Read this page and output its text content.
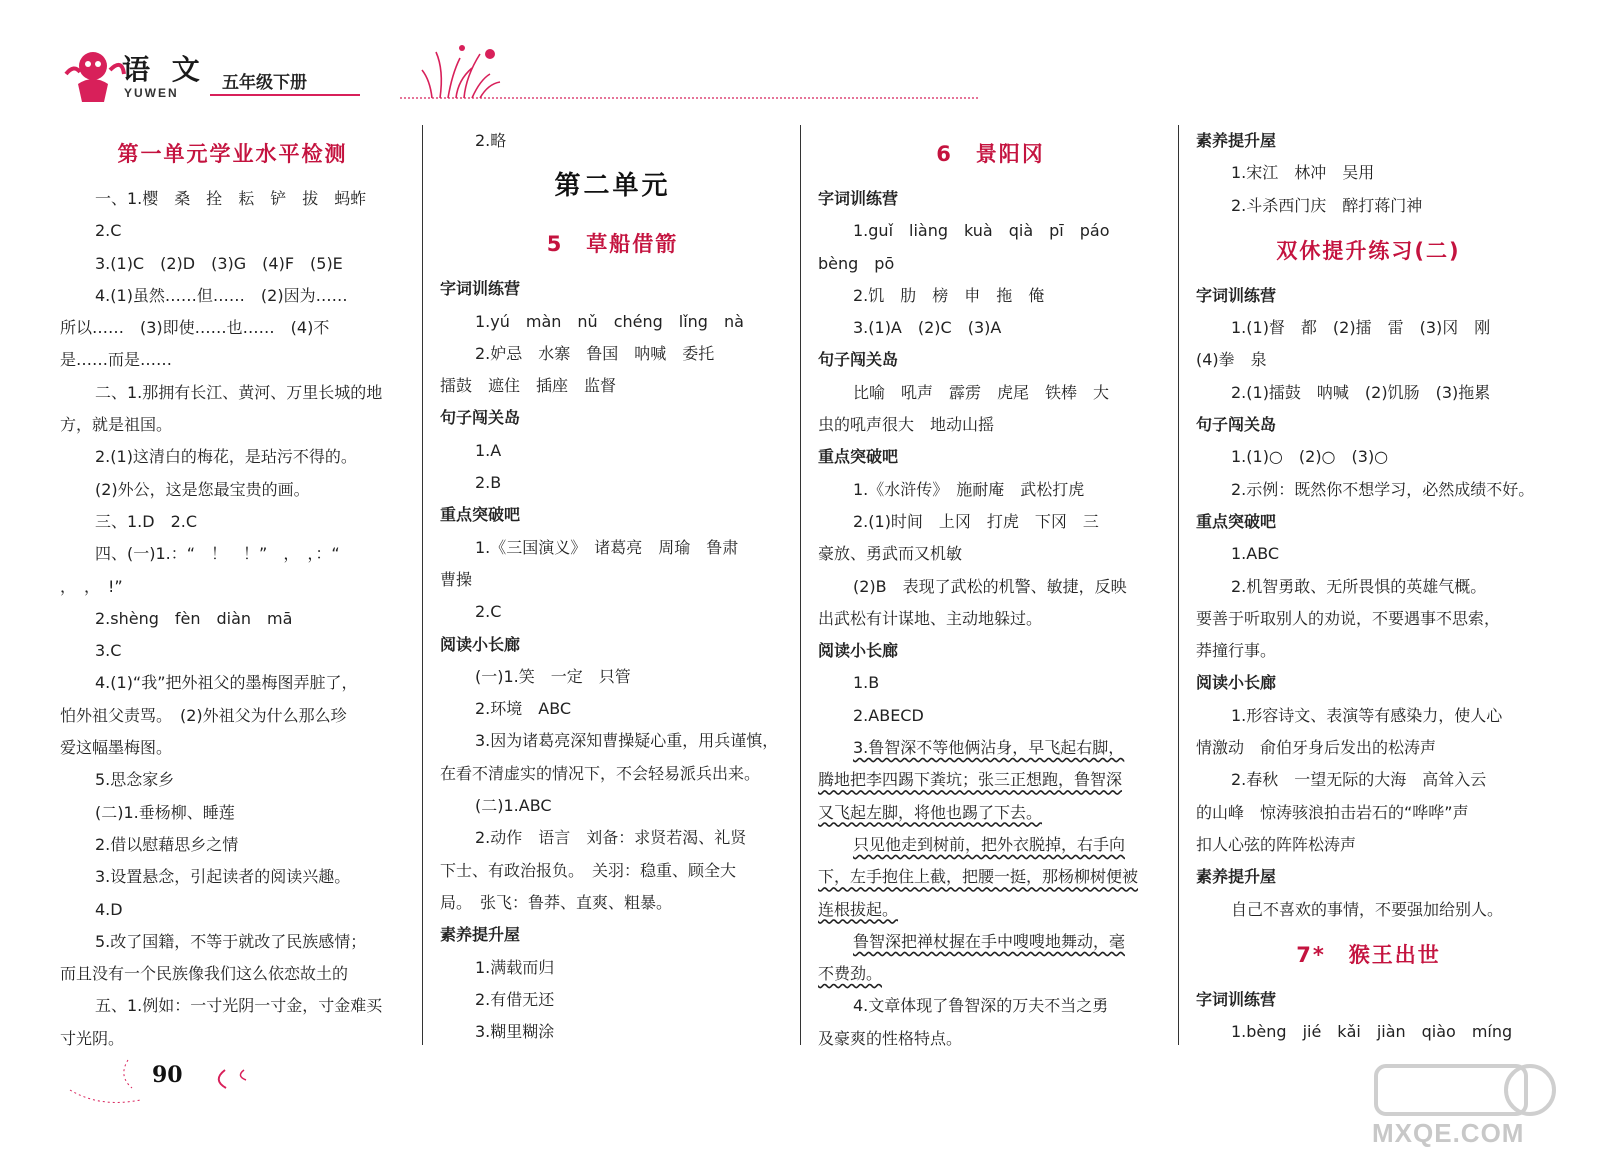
语 文
YUWEN	五年级下册
第一单元学业水平检测
一、1.樱　桑　拴　耘　铲　拔　蚂蚱
2.C
3.(1)C　(2)D　(3)G　(4)F　(5)E
4.(1)虽然……但……　(2)因为……
所以……　(3)即使……也……　(4)不
是……而是……
二、1.那拥有长江、黄河、万里长城的地
方，就是祖国。
2.(1)这清白的梅花，是玷污不得的。
(2)外公，这是您最宝贵的画。
三、1.D　2.C
四、(一)1.：“　！　！”　，　，：“
，　，　!”
2.shèng　fèn　diàn　mā
3.C
4.(1)“我”把外祖父的墨梅图弄脏了，
怕外祖父责骂。　(2)外祖父为什么那么珍
爱这幅墨梅图。
5.思念家乡
(二)1.垂杨柳、睡莲
2.借以慰藉思乡之情
3.设置悬念，引起读者的阅读兴趣。
4.D
5.改了国籍，不等于就改了民族感情；
而且没有一个民族像我们这么依恋故土的
五、1.例如：一寸光阴一寸金，寸金难买
寸光阴。
2.略
第二单元
5　草船借箭
字词训练营
1.yú　màn　nǔ　chéng　lǐng　nà
2.妒忌　水寨　鲁国　呐喊　委托
擂鼓　遮住　插座　监督
句子闯关岛
1.A
2.B
重点突破吧
1.《三国演义》　诸葛亮　周瑜　鲁肃
曹操
2.C
阅读小长廊
(一)1.笑　一定　只管
2.环境　ABC
3.因为诸葛亮深知曹操疑心重，用兵谨慎，
在看不清虚实的情况下，不会轻易派兵出来。
(二)1.ABC
2.动作　语言　刘备：求贤若渴、礼贤
下士、有政治报负。　关羽：稳重、顾全大
局。　张飞：鲁莽、直爽、粗暴。
素养提升屋
1.满载而归
2.有借无还
3.糊里糊涂
6　景阳冈
字词训练营
1.guǐ　liàng　kuà　qià　pī　páo
bèng　pō
2.饥　肋　榜　申　拖　俺
3.(1)A　(2)C　(3)A
句子闯关岛
比喻　吼声　霹雳　虎尾　铁棒　大
虫的吼声很大　地动山摇
重点突破吧
1.《水浒传》　施耐庵　武松打虎
2.(1)时间　上冈　打虎　下冈　三
豪放、勇武而又机敏
(2)B　表现了武松的机警、敏捷，反映
出武松有计谋地、主动地躲过。
阅读小长廊
1.B
2.ABECD
3.鲁智深不等他俩沾身，早飞起右脚，
腾地把李四踢下粪坑；张三正想跑，鲁智深
又飞起左脚，将他也踢了下去。
只见他走到树前，把外衣脱掉，右手向
下，左手抱住上截，把腰一挺，那杨柳树便被
连根拔起。
鲁智深把禅杖握在手中嗖嗖地舞动，毫
不费劲。
4.文章体现了鲁智深的万夫不当之勇
及豪爽的性格特点。
素养提升屋
1.宋江　林冲　吴用
2.斗杀西门庆　醉打蒋门神
双休提升练习(二)
字词训练营
1.(1)督　都　(2)擂　雷　(3)冈　刚
(4)拳　泉
2.(1)擂鼓　呐喊　(2)饥肠　(3)拖累
句子闯关岛
1.(1)○　(2)○　(3)○
2.示例：既然你不想学习，必然成绩不好。
重点突破吧
1.ABC
2.机智勇敢、无所畏惧的英雄气概。
要善于听取别人的劝说，不要遇事不思索，
莽撞行事。
阅读小长廊
1.形容诗文、表演等有感染力，使人心
情激动　俞伯牙身后发出的松涛声
2.春秋　一望无际的大海　高耸入云
的山峰　惊涛骇浪拍击岩石的“哗哗”声
扣人心弦的阵阵松涛声
素养提升屋
自己不喜欢的事情，不要强加给别人。
7*　猴王出世
字词训练营
1.bèng　jié　kǎi　jiàn　qiào　míng
90
MXQE.COM
